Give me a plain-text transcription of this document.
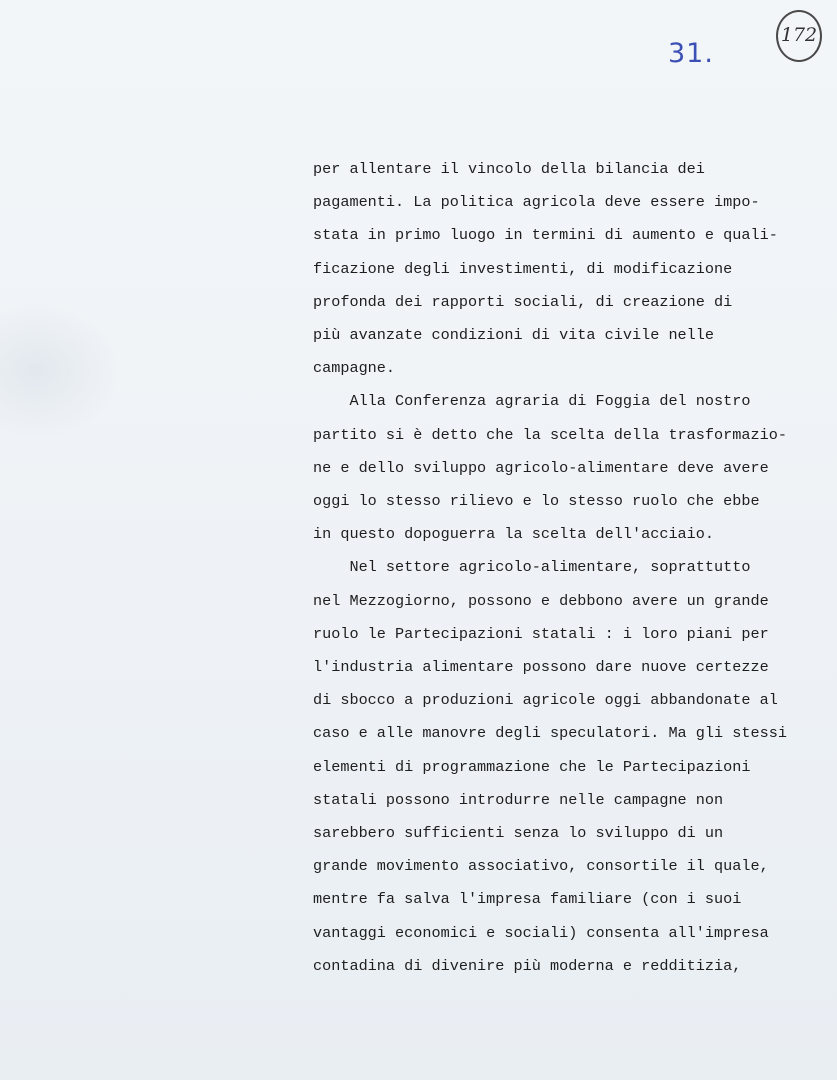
31.
172
per allentare il vincolo della bilancia dei
pagamenti. La politica agricola deve essere impo-
stata in primo luogo in termini di aumento e quali-
ficazione degli investimenti, di modificazione
profonda dei rapporti sociali, di creazione di
più avanzate condizioni di vita civile nelle
campagne.
Alla Conferenza agraria di Foggia del nostro
partito si è detto che la scelta della trasformazio-
ne e dello sviluppo agricolo-alimentare deve avere
oggi lo stesso rilievo e lo stesso ruolo che ebbe
in questo dopoguerra la scelta dell'acciaio.
Nel settore agricolo-alimentare, soprattutto
nel Mezzogiorno, possono e debbono avere un grande
ruolo le Partecipazioni statali : i loro piani per
l'industria alimentare possono dare nuove certezze
di sbocco a produzioni agricole oggi abbandonate al
caso e alle manovre degli speculatori. Ma gli stessi
elementi di programmazione che le Partecipazioni
statali possono introdurre nelle campagne non
sarebbero sufficienti senza lo sviluppo di un
grande movimento associativo, consortile il quale,
mentre fa salva l'impresa familiare (con i suoi
vantaggi economici e sociali) consenta all'impresa
contadina di divenire più moderna e redditizia,
